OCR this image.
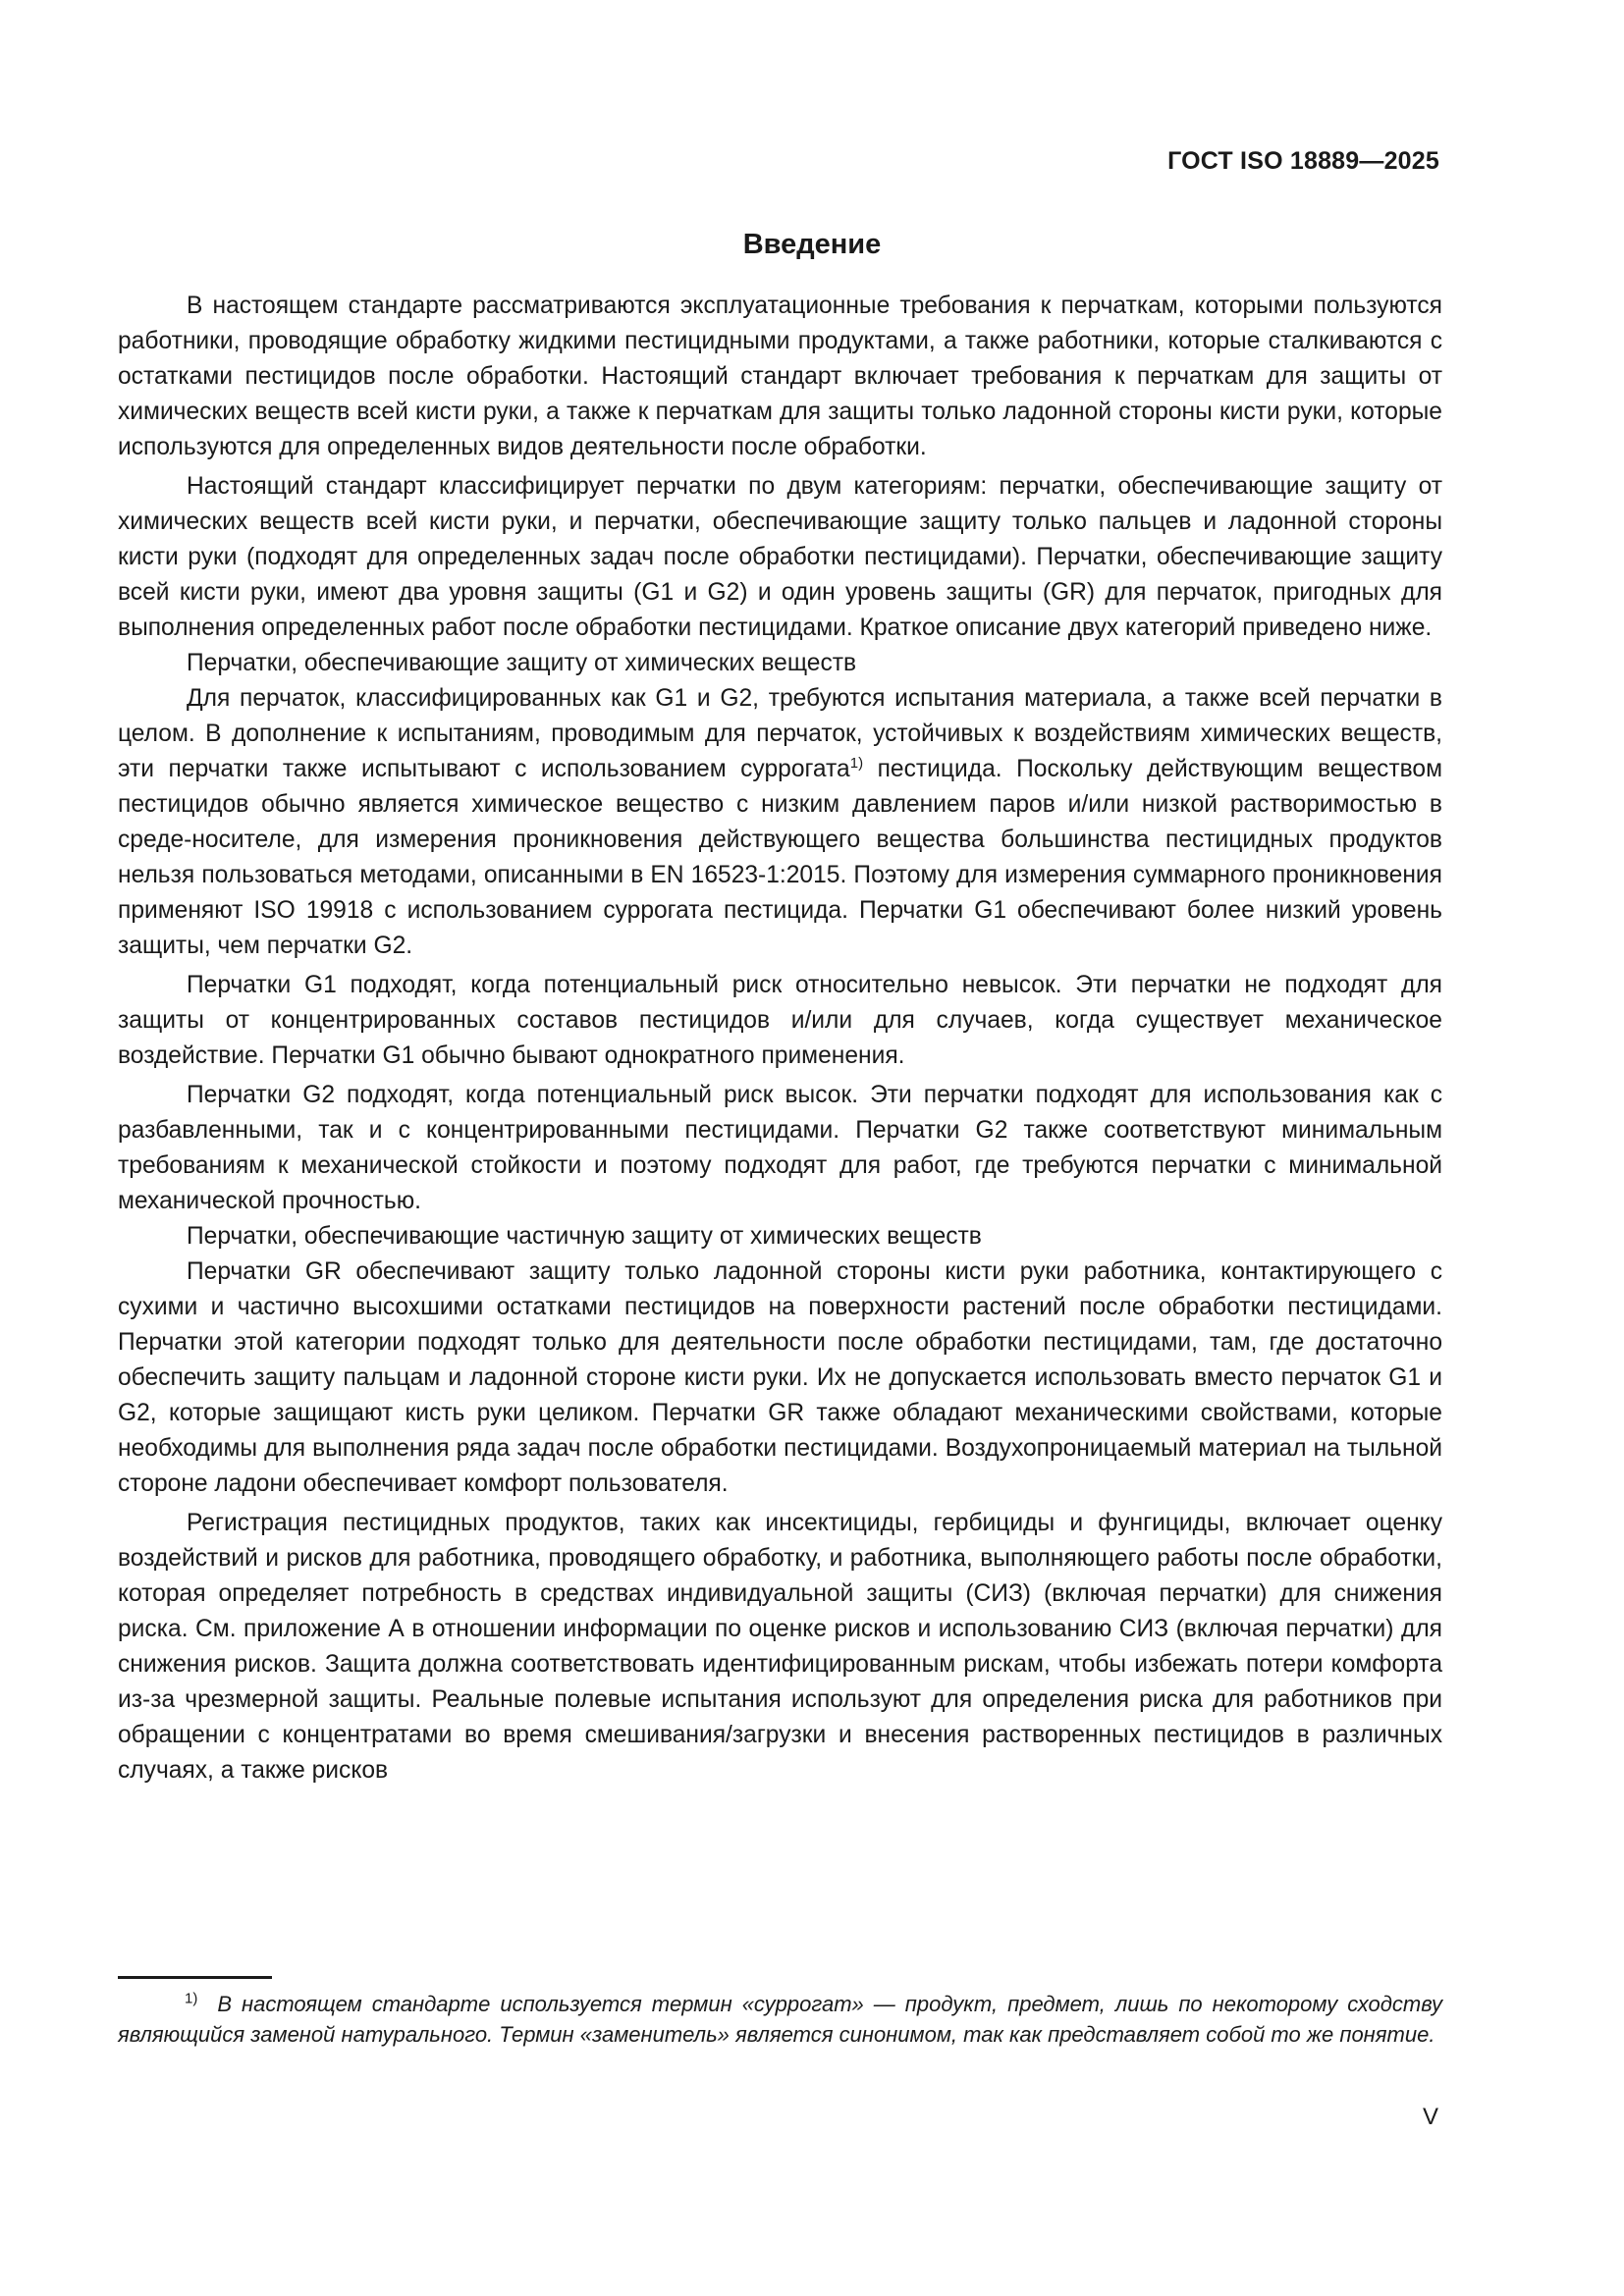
ГОСТ ISO 18889—2025
Введение

В настоящем стандарте рассматриваются эксплуатационные требования к перчаткам, которыми пользуются работники, проводящие обработку жидкими пестицидными продуктами, а также работники, которые сталкиваются с остатками пестицидов после обработки. Настоящий стандарт включает требования к перчаткам для защиты от химических веществ всей кисти руки, а также к перчаткам для защиты только ладонной стороны кисти руки, которые используются для определенных видов деятельности после обработки.

Настоящий стандарт классифицирует перчатки по двум категориям: перчатки, обеспечивающие защиту от химических веществ всей кисти руки, и перчатки, обеспечивающие защиту только пальцев и ладонной стороны кисти руки (подходят для определенных задач после обработки пестицидами). Перчатки, обеспечивающие защиту всей кисти руки, имеют два уровня защиты (G1 и G2) и один уровень защиты (GR) для перчаток, пригодных для выполнения определенных работ после обработки пестицидами. Краткое описание двух категорий приведено ниже.

Перчатки, обеспечивающие защиту от химических веществ

Для перчаток, классифицированных как G1 и G2, требуются испытания материала, а также всей перчатки в целом. В дополнение к испытаниям, проводимым для перчаток, устойчивых к воздействиям химических веществ, эти перчатки также испытывают с использованием суррогата$^{1)}$ пестицида. Поскольку действующим веществом пестицидов обычно является химическое вещество с низким давлением паров и/или низкой растворимостью в среде-носителе, для измерения проникновения действующего вещества большинства пестицидных продуктов нельзя пользоваться методами, описанными в EN 16523-1:2015. Поэтому для измерения суммарного проникновения применяют ISO 19918 с использованием суррогата пестицида. Перчатки G1 обеспечивают более низкий уровень защиты, чем перчатки G2.

Перчатки G1 подходят, когда потенциальный риск относительно невысок. Эти перчатки не подходят для защиты от концентрированных составов пестицидов и/или для случаев, когда существует механическое воздействие. Перчатки G1 обычно бывают однократного применения.

Перчатки G2 подходят, когда потенциальный риск высок. Эти перчатки подходят для использования как с разбавленными, так и с концентрированными пестицидами. Перчатки G2 также соответствуют минимальным требованиям к механической стойкости и поэтому подходят для работ, где требуются перчатки с минимальной механической прочностью.

Перчатки, обеспечивающие частичную защиту от химических веществ

Перчатки GR обеспечивают защиту только ладонной стороны кисти руки работника, контактирующего с сухими и частично высохшими остатками пестицидов на поверхности растений после обработки пестицидами. Перчатки этой категории подходят только для деятельности после обработки пестицидами, там, где достаточно обеспечить защиту пальцам и ладонной стороне кисти руки. Их не допускается использовать вместо перчаток G1 и G2, которые защищают кисть руки целиком. Перчатки GR также обладают механическими свойствами, которые необходимы для выполнения ряда задач после обработки пестицидами. Воздухопроницаемый материал на тыльной стороне ладони обеспечивает комфорт пользователя.

Регистрация пестицидных продуктов, таких как инсектициды, гербициды и фунгициды, включает оценку воздействий и рисков для работника, проводящего обработку, и работника, выполняющего работы после обработки, которая определяет потребность в средствах индивидуальной защиты (СИЗ) (включая перчатки) для снижения риска. См. приложение А в отношении информации по оценке рисков и использованию СИЗ (включая перчатки) для снижения рисков. Защита должна соответствовать идентифицированным рискам, чтобы избежать потери комфорта из-за чрезмерной защиты. Реальные полевые испытания используют для определения риска для работников при обращении с концентратами во время смешивания/загрузки и внесения растворенных пестицидов в различных случаях, а также рисков

$^{1)}$ В настоящем стандарте используется термин «суррогат» — продукт, предмет, лишь по некоторому сходству являющийся заменой натурального. Термин «заменитель» является синонимом, так как представляет собой то же понятие.
V
